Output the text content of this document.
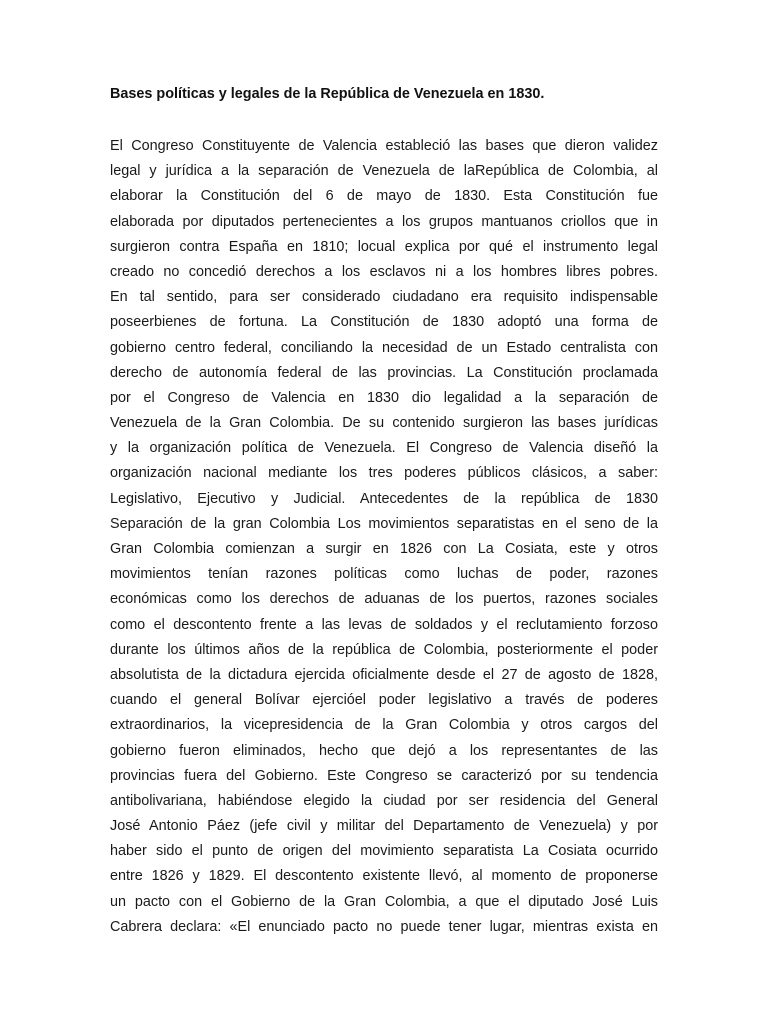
Bases políticas y legales de la República de Venezuela en 1830.
El Congreso Constituyente de Valencia estableció las bases que dieron validez
legal y jurídica a la separación de Venezuela de laRepública de Colombia, al
elaborar la Constitución del 6 de mayo de 1830. Esta Constitución fue
elaborada por diputados pertenecientes a los grupos mantuanos criollos que in
surgieron contra España en 1810; locual explica por qué el instrumento legal
creado no concedió derechos a los esclavos ni a los hombres libres pobres.
En tal sentido, para ser considerado ciudadano era requisito indispensable
poseerbienes de fortuna. La Constitución de 1830 adoptó una forma de
gobierno centro federal, conciliando la necesidad de un Estado centralista con
derecho de autonomía federal de las provincias. La Constitución proclamada
por el Congreso de Valencia en 1830 dio legalidad a la separación de
Venezuela de la Gran Colombia. De su contenido surgieron las bases jurídicas
y la organización política de Venezuela. El Congreso de Valencia diseñó la
organización nacional mediante los tres poderes públicos clásicos, a saber:
Legislativo, Ejecutivo y Judicial. Antecedentes de la república de 1830
Separación de la gran Colombia Los movimientos separatistas en el seno de la
Gran Colombia comienzan a surgir en 1826 con La Cosiata, este y otros
movimientos tenían razones políticas como luchas de poder, razones
económicas como los derechos de aduanas de los puertos, razones sociales
como el descontento frente a las levas de soldados y el reclutamiento forzoso
durante los últimos años de la república de Colombia, posteriormente el poder
absolutista de la dictadura ejercida oficialmente desde el 27 de agosto de 1828,
cuando el general Bolívar ejercióel poder legislativo a través de poderes
extraordinarios, la vicepresidencia de la Gran Colombia y otros cargos del
gobierno fueron eliminados, hecho que dejó a los representantes de las
provincias fuera del Gobierno. Este Congreso se caracterizó por su tendencia
antibolivariana, habiéndose elegido la ciudad por ser residencia del General
José Antonio Páez (jefe civil y militar del Departamento de Venezuela) y por
haber sido el punto de origen del movimiento separatista La Cosiata ocurrido
entre 1826 y 1829. El descontento existente llevó, al momento de proponerse
un pacto con el Gobierno de la Gran Colombia, a que el diputado José Luis
Cabrera declara: «El enunciado pacto no puede tener lugar, mientras exista en
